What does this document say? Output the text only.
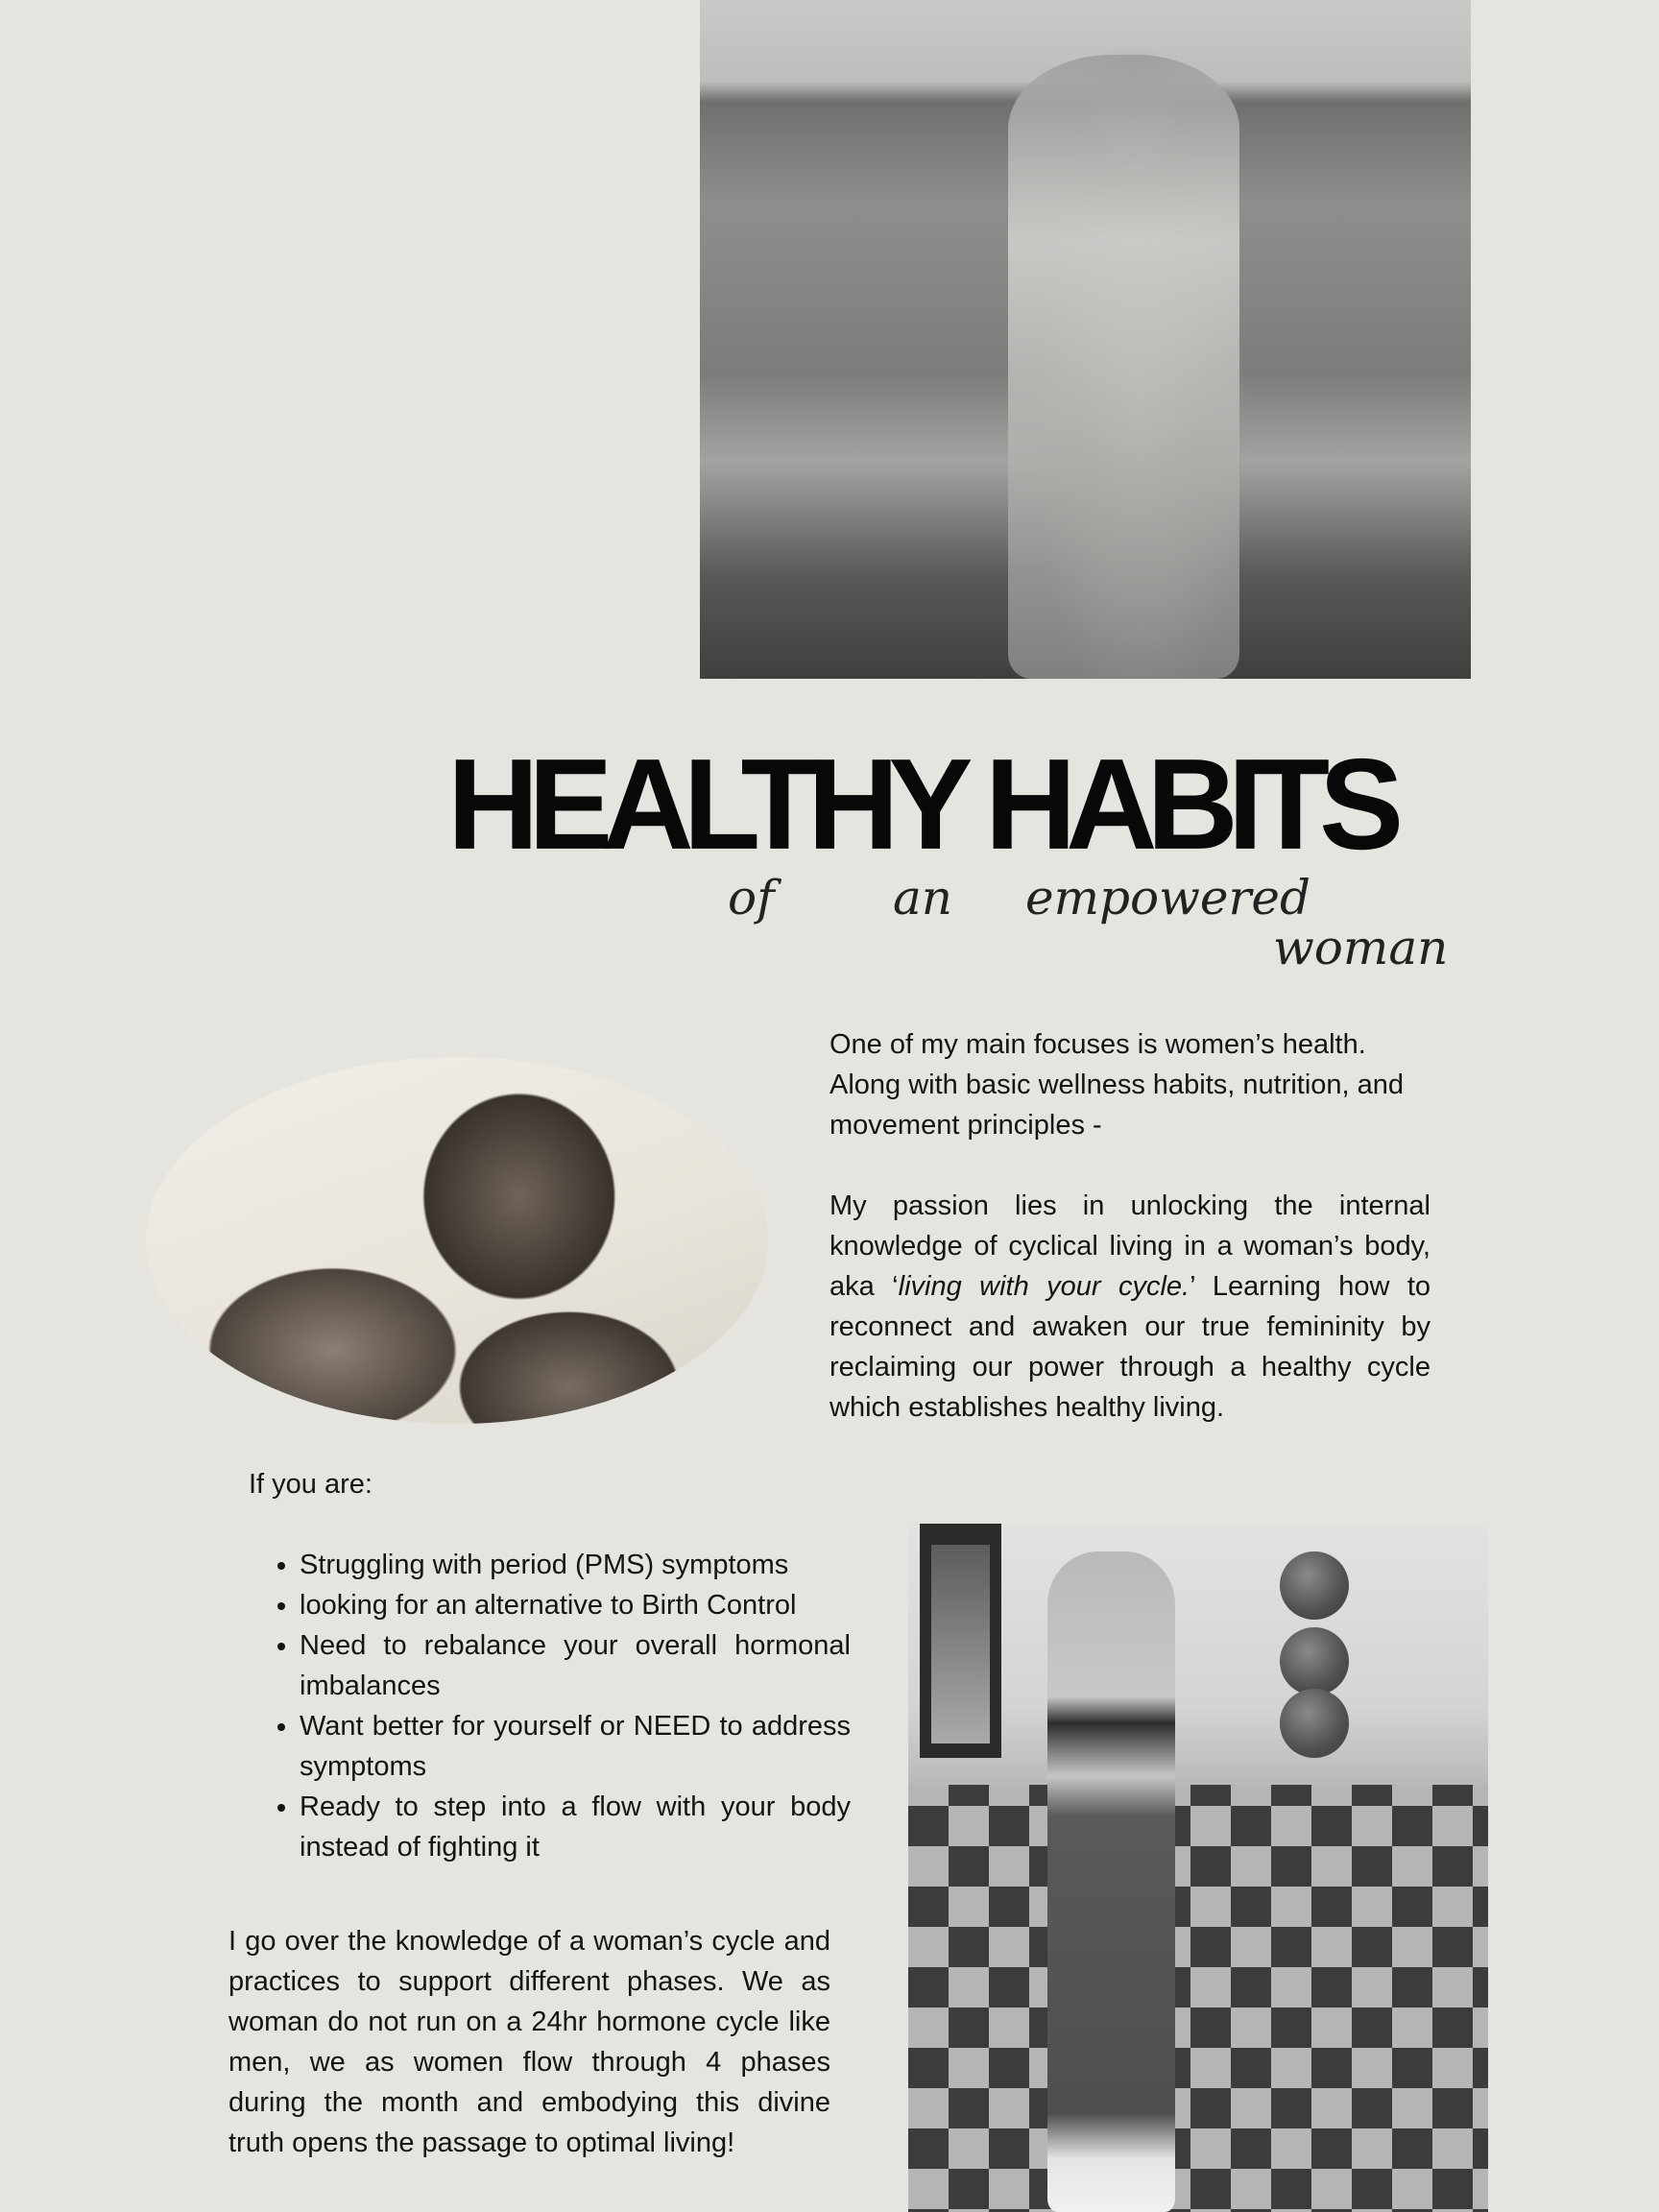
HEALTHY HABITS
of an empowered
woman

One of my main focuses is women’s health. Along with basic wellness habits, nutrition, and movement principles -

My passion lies in unlocking the internal knowledge of cyclical living in a woman’s body, aka ‘living with your cycle.’ Learning how to reconnect and awaken our true femininity by reclaiming our power through a healthy cycle which establishes healthy living.

If you are:
• Struggling with period (PMS) symptoms
• looking for an alternative to Birth Control
• Need to rebalance your overall hormonal imbalances
• Want better for yourself or NEED to address symptoms
• Ready to step into a flow with your body instead of fighting it

I go over the knowledge of a woman’s cycle and practices to support different phases. We as woman do not run on a 24hr hormone cycle like men, we as women flow through 4 phases during the month and embodying this divine truth opens the passage to optimal living!
